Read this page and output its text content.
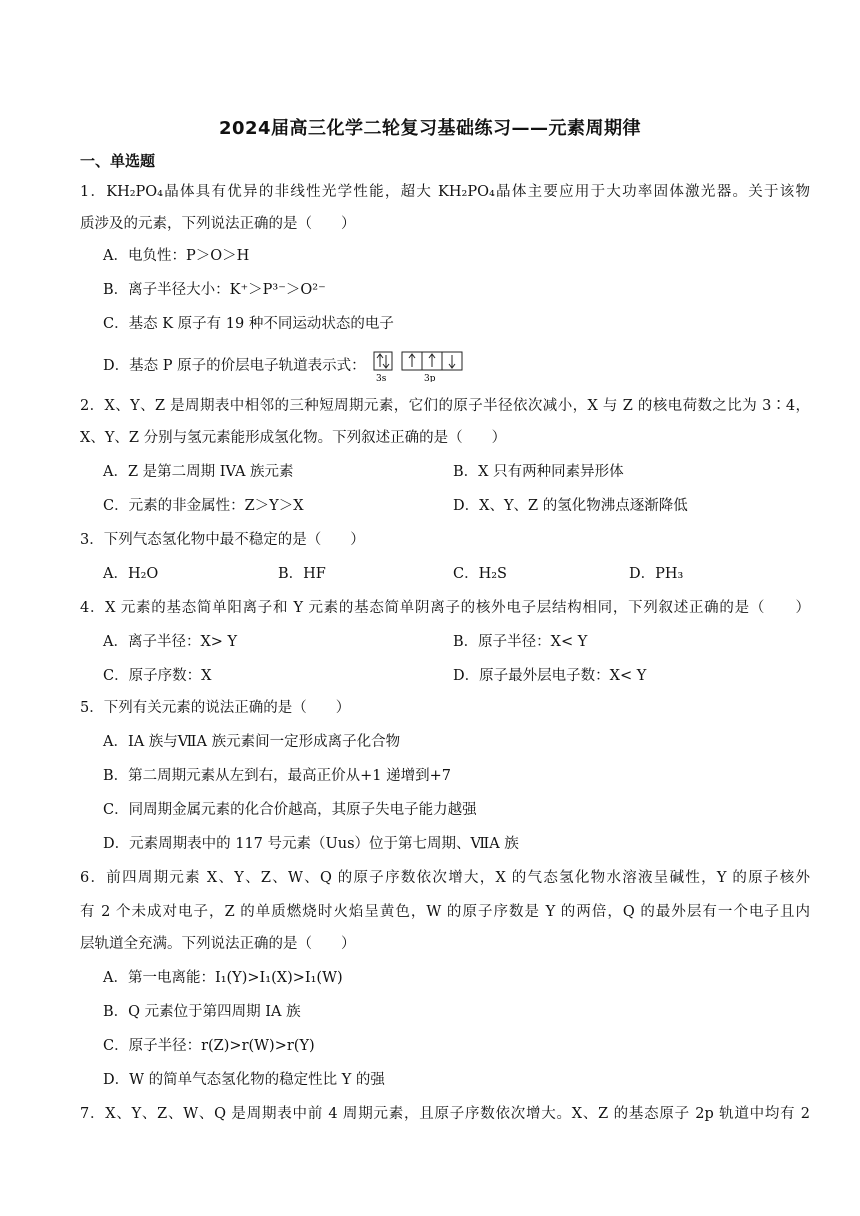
2024届高三化学二轮复习基础练习——元素周期律
一、单选题
1．KH₂PO₄晶体具有优异的非线性光学性能，超大 KH₂PO₄晶体主要应用于大功率固体激光器。关于该物
质涉及的元素，下列说法正确的是（　　）
A．电负性：P＞O＞H
B．离子半径大小：K⁺＞P³⁻＞O²⁻
C．基态 K 原子有 19 种不同运动状态的电子
D．基态 P 原子的价层电子轨道表示式：
3s	3p
2．X、Y、Z 是周期表中相邻的三种短周期元素，它们的原子半径依次减小，X 与 Z 的核电荷数之比为 3∶4，
X、Y、Z 分别与氢元素能形成氢化物。下列叙述正确的是（　　）
A．Z 是第二周期 IVA 族元素	B．X 只有两种同素异形体
C．元素的非金属性：Z＞Y＞X	D．X、Y、Z 的氢化物沸点逐渐降低
3．下列气态氢化物中最不稳定的是（　　）
A．H₂O	B．HF	C．H₂S	D．PH₃
4．X 元素的基态简单阳离子和 Y 元素的基态简单阴离子的核外电子层结构相同，下列叙述正确的是（　　）
A．离子半径：X> Y	B．原子半径：X< Y
C．原子序数：X	D．原子最外层电子数：X< Y
5．下列有关元素的说法正确的是（　　）
A．ⅠA 族与ⅦA 族元素间一定形成离子化合物
B．第二周期元素从左到右，最高正价从+1 递增到+7
C．同周期金属元素的化合价越高，其原子失电子能力越强
D．元素周期表中的 117 号元素（Uus）位于第七周期、ⅦA 族
6．前四周期元素 X、Y、Z、W、Q 的原子序数依次增大，X 的气态氢化物水溶液呈碱性，Y 的原子核外
有 2 个未成对电子，Z 的单质燃烧时火焰呈黄色，W 的原子序数是 Y 的两倍，Q 的最外层有一个电子且内
层轨道全充满。下列说法正确的是（　　）
A．第一电离能：I₁(Y)>I₁(X)>I₁(W)
B．Q 元素位于第四周期 IA 族
C．原子半径：r(Z)>r(W)>r(Y)
D．W 的简单气态氢化物的稳定性比 Y 的强
7．X、Y、Z、W、Q 是周期表中前 4 周期元素，且原子序数依次增大。X、Z 的基态原子 2p 轨道中均有 2
